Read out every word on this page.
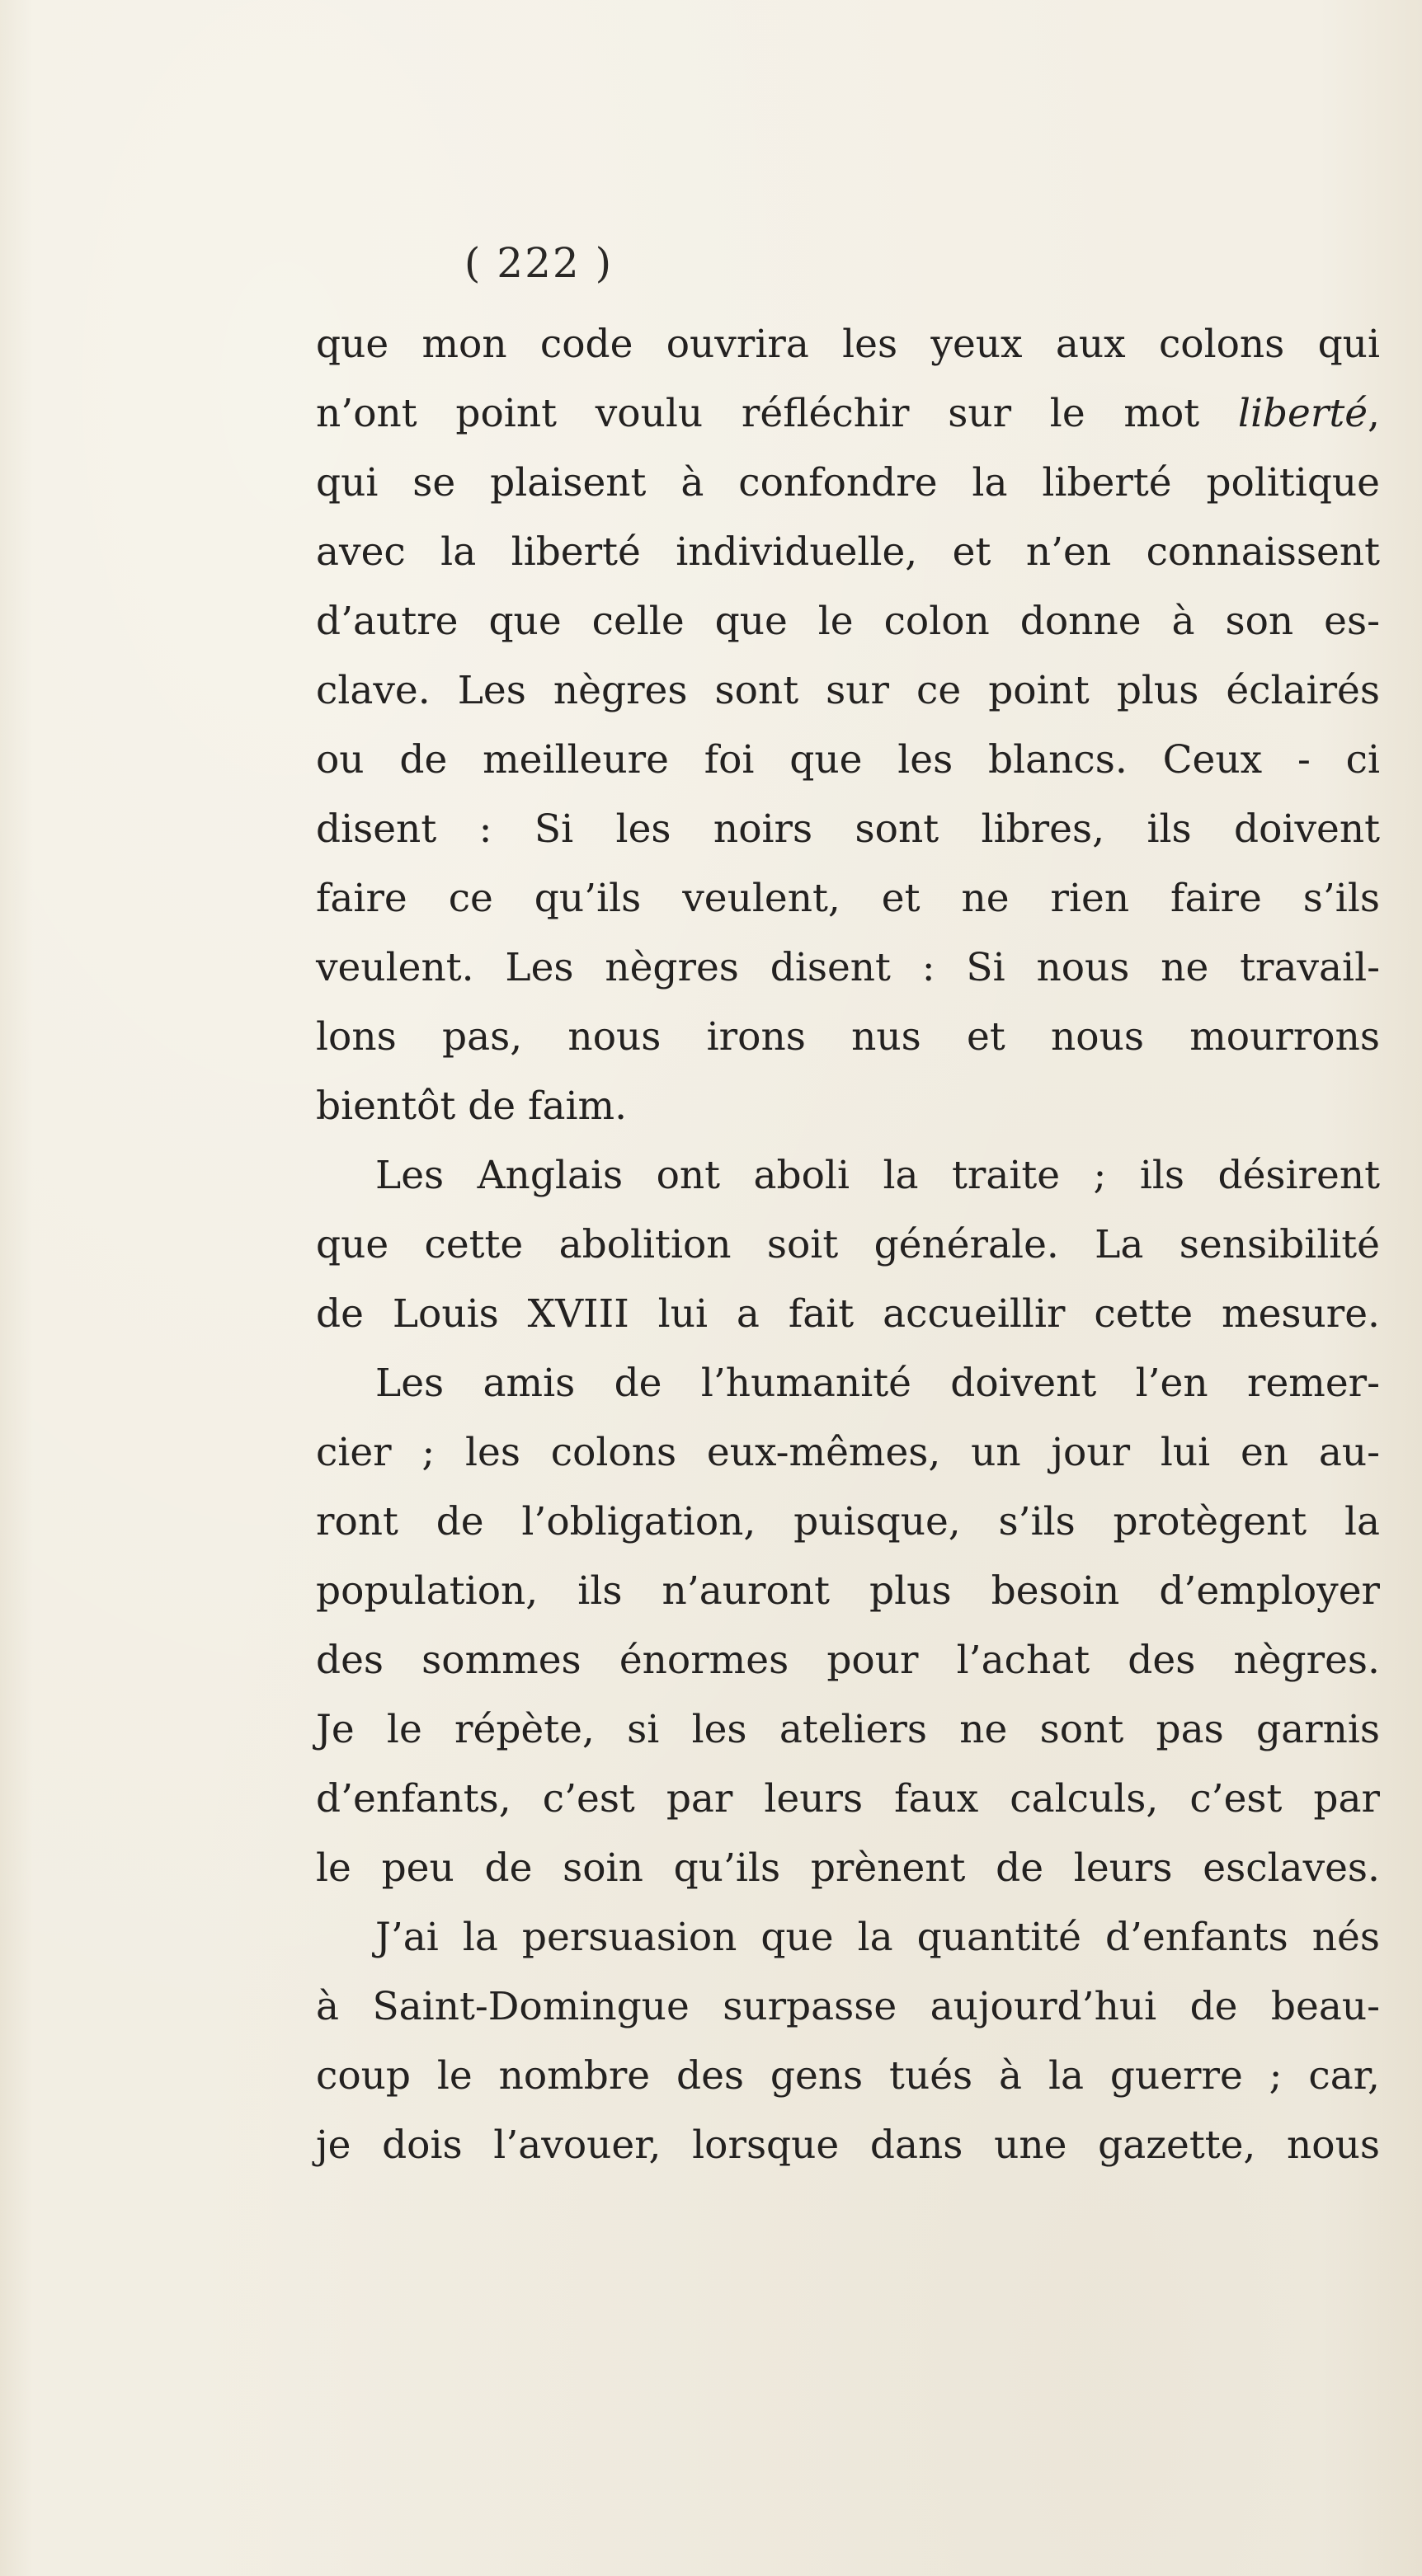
( 222 )
que mon code ouvrira les yeux aux colons qui
n’ont point voulu réfléchir sur le mot liberté,
qui se plaisent à confondre la liberté politique
avec la liberté individuelle, et n’en connaissent
d’autre que celle que le colon donne à son es-
clave. Les nègres sont sur ce point plus éclairés
ou de meilleure foi que les blancs. Ceux - ci
disent : Si les noirs sont libres, ils doivent
faire ce qu’ils veulent, et ne rien faire s’ils
veulent. Les nègres disent : Si nous ne travail-
lons pas, nous irons nus et nous mourrons
bientôt de faim.
Les Anglais ont aboli la traite ; ils désirent
que cette abolition soit générale. La sensibilité
de Louis XVIII lui a fait accueillir cette mesure.
Les amis de l’humanité doivent l’en remer-
cier ; les colons eux-mêmes, un jour lui en au-
ront de l’obligation, puisque, s’ils protègent la
population, ils n’auront plus besoin d’employer
des sommes énormes pour l’achat des nègres.
Je le répète, si les ateliers ne sont pas garnis
d’enfants, c’est par leurs faux calculs, c’est par
le peu de soin qu’ils prènent de leurs esclaves.
J’ai la persuasion que la quantité d’enfants nés
à Saint-Domingue surpasse aujourd’hui de beau-
coup le nombre des gens tués à la guerre ; car,
je dois l’avouer, lorsque dans une gazette, nous
